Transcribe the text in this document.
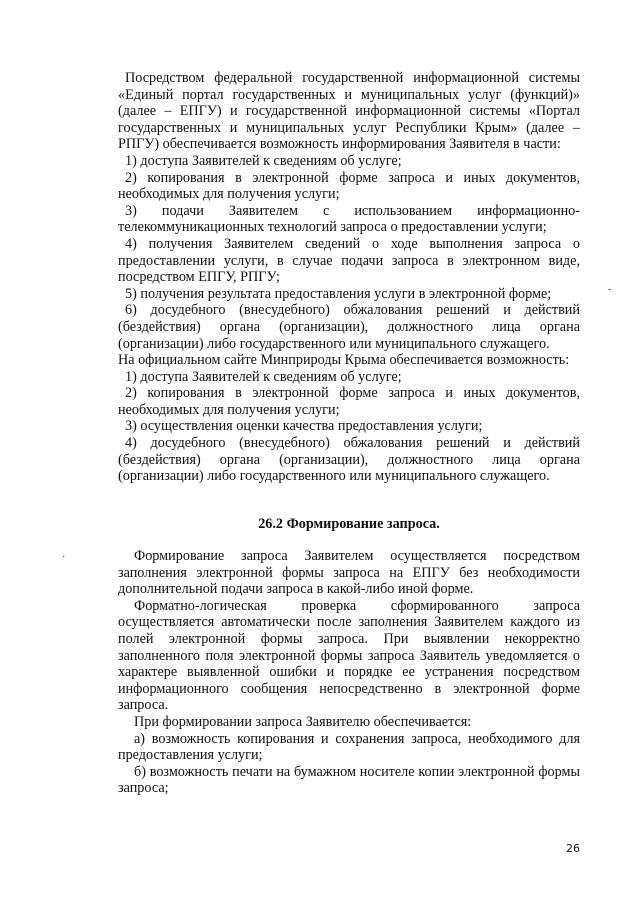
Посредством федеральной государственной информационной системы «Единый портал государственных и муниципальных услуг (функций)» (далее – ЕПГУ) и государственной информационной системы «Портал государственных и муниципальных услуг Республики Крым» (далее – РПГУ) обеспечивается возможность информирования Заявителя в части:

1) доступа Заявителей к сведениям об услуге;

2) копирования в электронной форме запроса и иных документов, необходимых для получения услуги;

3) подачи Заявителем с использованием информационно-телекоммуникационных технологий запроса о предоставлении услуги;

4) получения Заявителем сведений о ходе выполнения запроса о предоставлении услуги, в случае подачи запроса в электронном виде, посредством ЕПГУ, РПГУ;

5) получения результата предоставления услуги в электронной форме;

6) досудебного (внесудебного) обжалования решений и действий (бездействия) органа (организации), должностного лица органа (организации) либо государственного или муниципального служащего.

На официальном сайте Минприроды Крыма обеспечивается возможность:

1) доступа Заявителей к сведениям об услуге;

2) копирования в электронной форме запроса и иных документов, необходимых для получения услуги;

3) осуществления оценки качества предоставления услуги;

4) досудебного (внесудебного) обжалования решений и действий (бездействия) органа (организации), должностного лица органа (организации) либо государственного или муниципального служащего.

26.2 Формирование запроса.

Формирование запроса Заявителем осуществляется посредством заполнения электронной формы запроса на ЕПГУ без необходимости дополнительной подачи запроса в какой-либо иной форме.

Форматно-логическая проверка сформированного запроса осуществляется автоматически после заполнения Заявителем каждого из полей электронной формы запроса. При выявлении некорректно заполненного поля электронной формы запроса Заявитель уведомляется о характере выявленной ошибки и порядке ее устранения посредством информационного сообщения непосредственно в электронной форме запроса.

При формировании запроса Заявителю обеспечивается:

а) возможность копирования и сохранения запроса, необходимого для предоставления услуги;

б) возможность печати на бумажном носителе копии электронной формы запроса;

26
-
·
